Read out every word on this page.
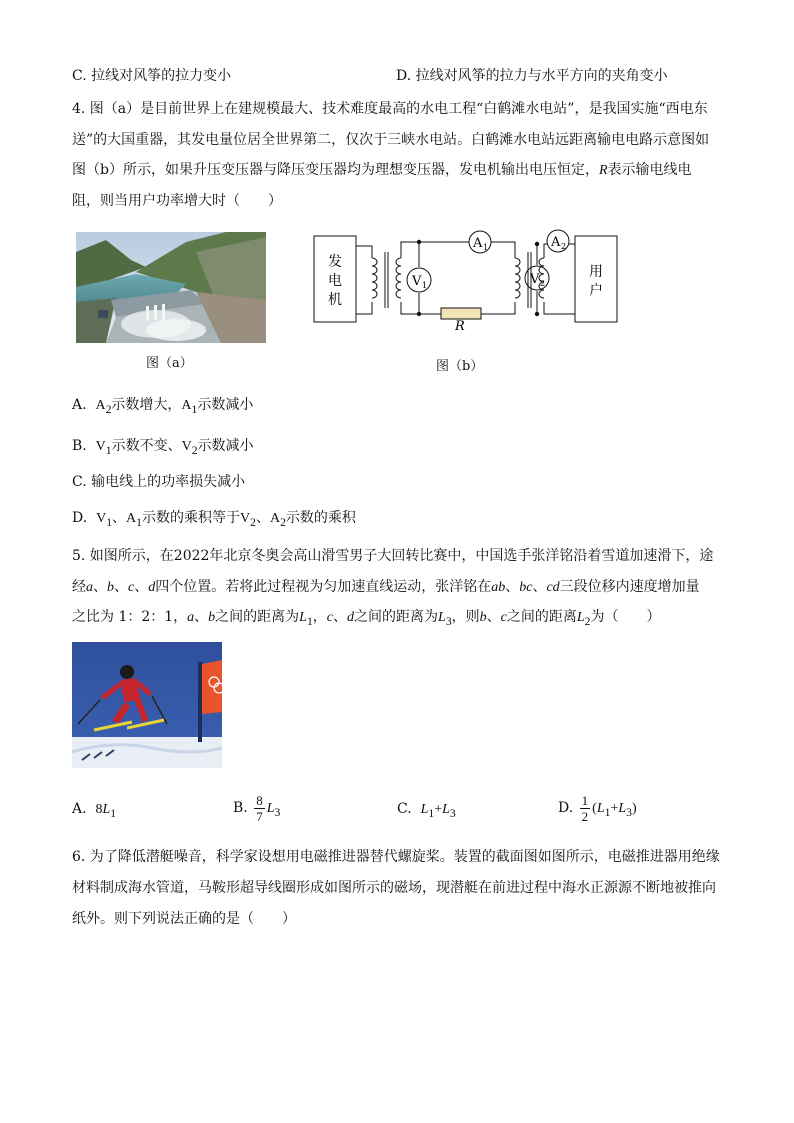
C. 拉线对风筝的拉力变小	D. 拉线对风筝的拉力与水平方向的夹角变小
4. 图（a）是目前世界上在建规模最大、技术难度最高的水电工程“白鹤滩水电站”，是我国实施“西电东
送”的大国重器，其发电量位居全世界第二，仅次于三峡水电站。白鹤滩水电站远距离输电电路示意图如
图（b）所示，如果升压变压器与降压变压器均为理想变压器，发电机输出电压恒定，R表示输电线电
阻，则当用户功率增大时（　　）
图（a）
发
电
机
用
户
V 1
A 1
V 2
A 2
R
图（b）
A. $A_2$示数增大，$A_1$示数减小
B. $V_1$示数不变、$V_2$示数减小
C. 输电线上的功率损失减小
D. $V_1$、$A_1$示数的乘积等于$V_2$、$A_2$示数的乘积
5. 如图所示，在2022年北京冬奥会高山滑雪男子大回转比赛中，中国选手张洋铭沿着雪道加速滑下，途
经a、b、c、d四个位置。若将此过程视为匀加速直线运动，张洋铭在ab、bc、cd三段位移内速度增加量
之比为 1：2：1，a、b之间的距离为$L_1$，c、d之间的距离为$L_3$，则b、c之间的距离$L_2$为（　　）
A. $8L_1$	B. $\frac{8}{7} L_3$	C. $L_1+L_3$	D. $\frac{1}{2} (L_1+L_3)$
6. 为了降低潜艇噪音，科学家设想用电磁推进器替代螺旋桨。装置的截面图如图所示，电磁推进器用绝缘
材料制成海水管道，马鞍形超导线圈形成如图所示的磁场，现潜艇在前进过程中海水正源源不断地被推向
纸外。则下列说法正确的是（　　）
